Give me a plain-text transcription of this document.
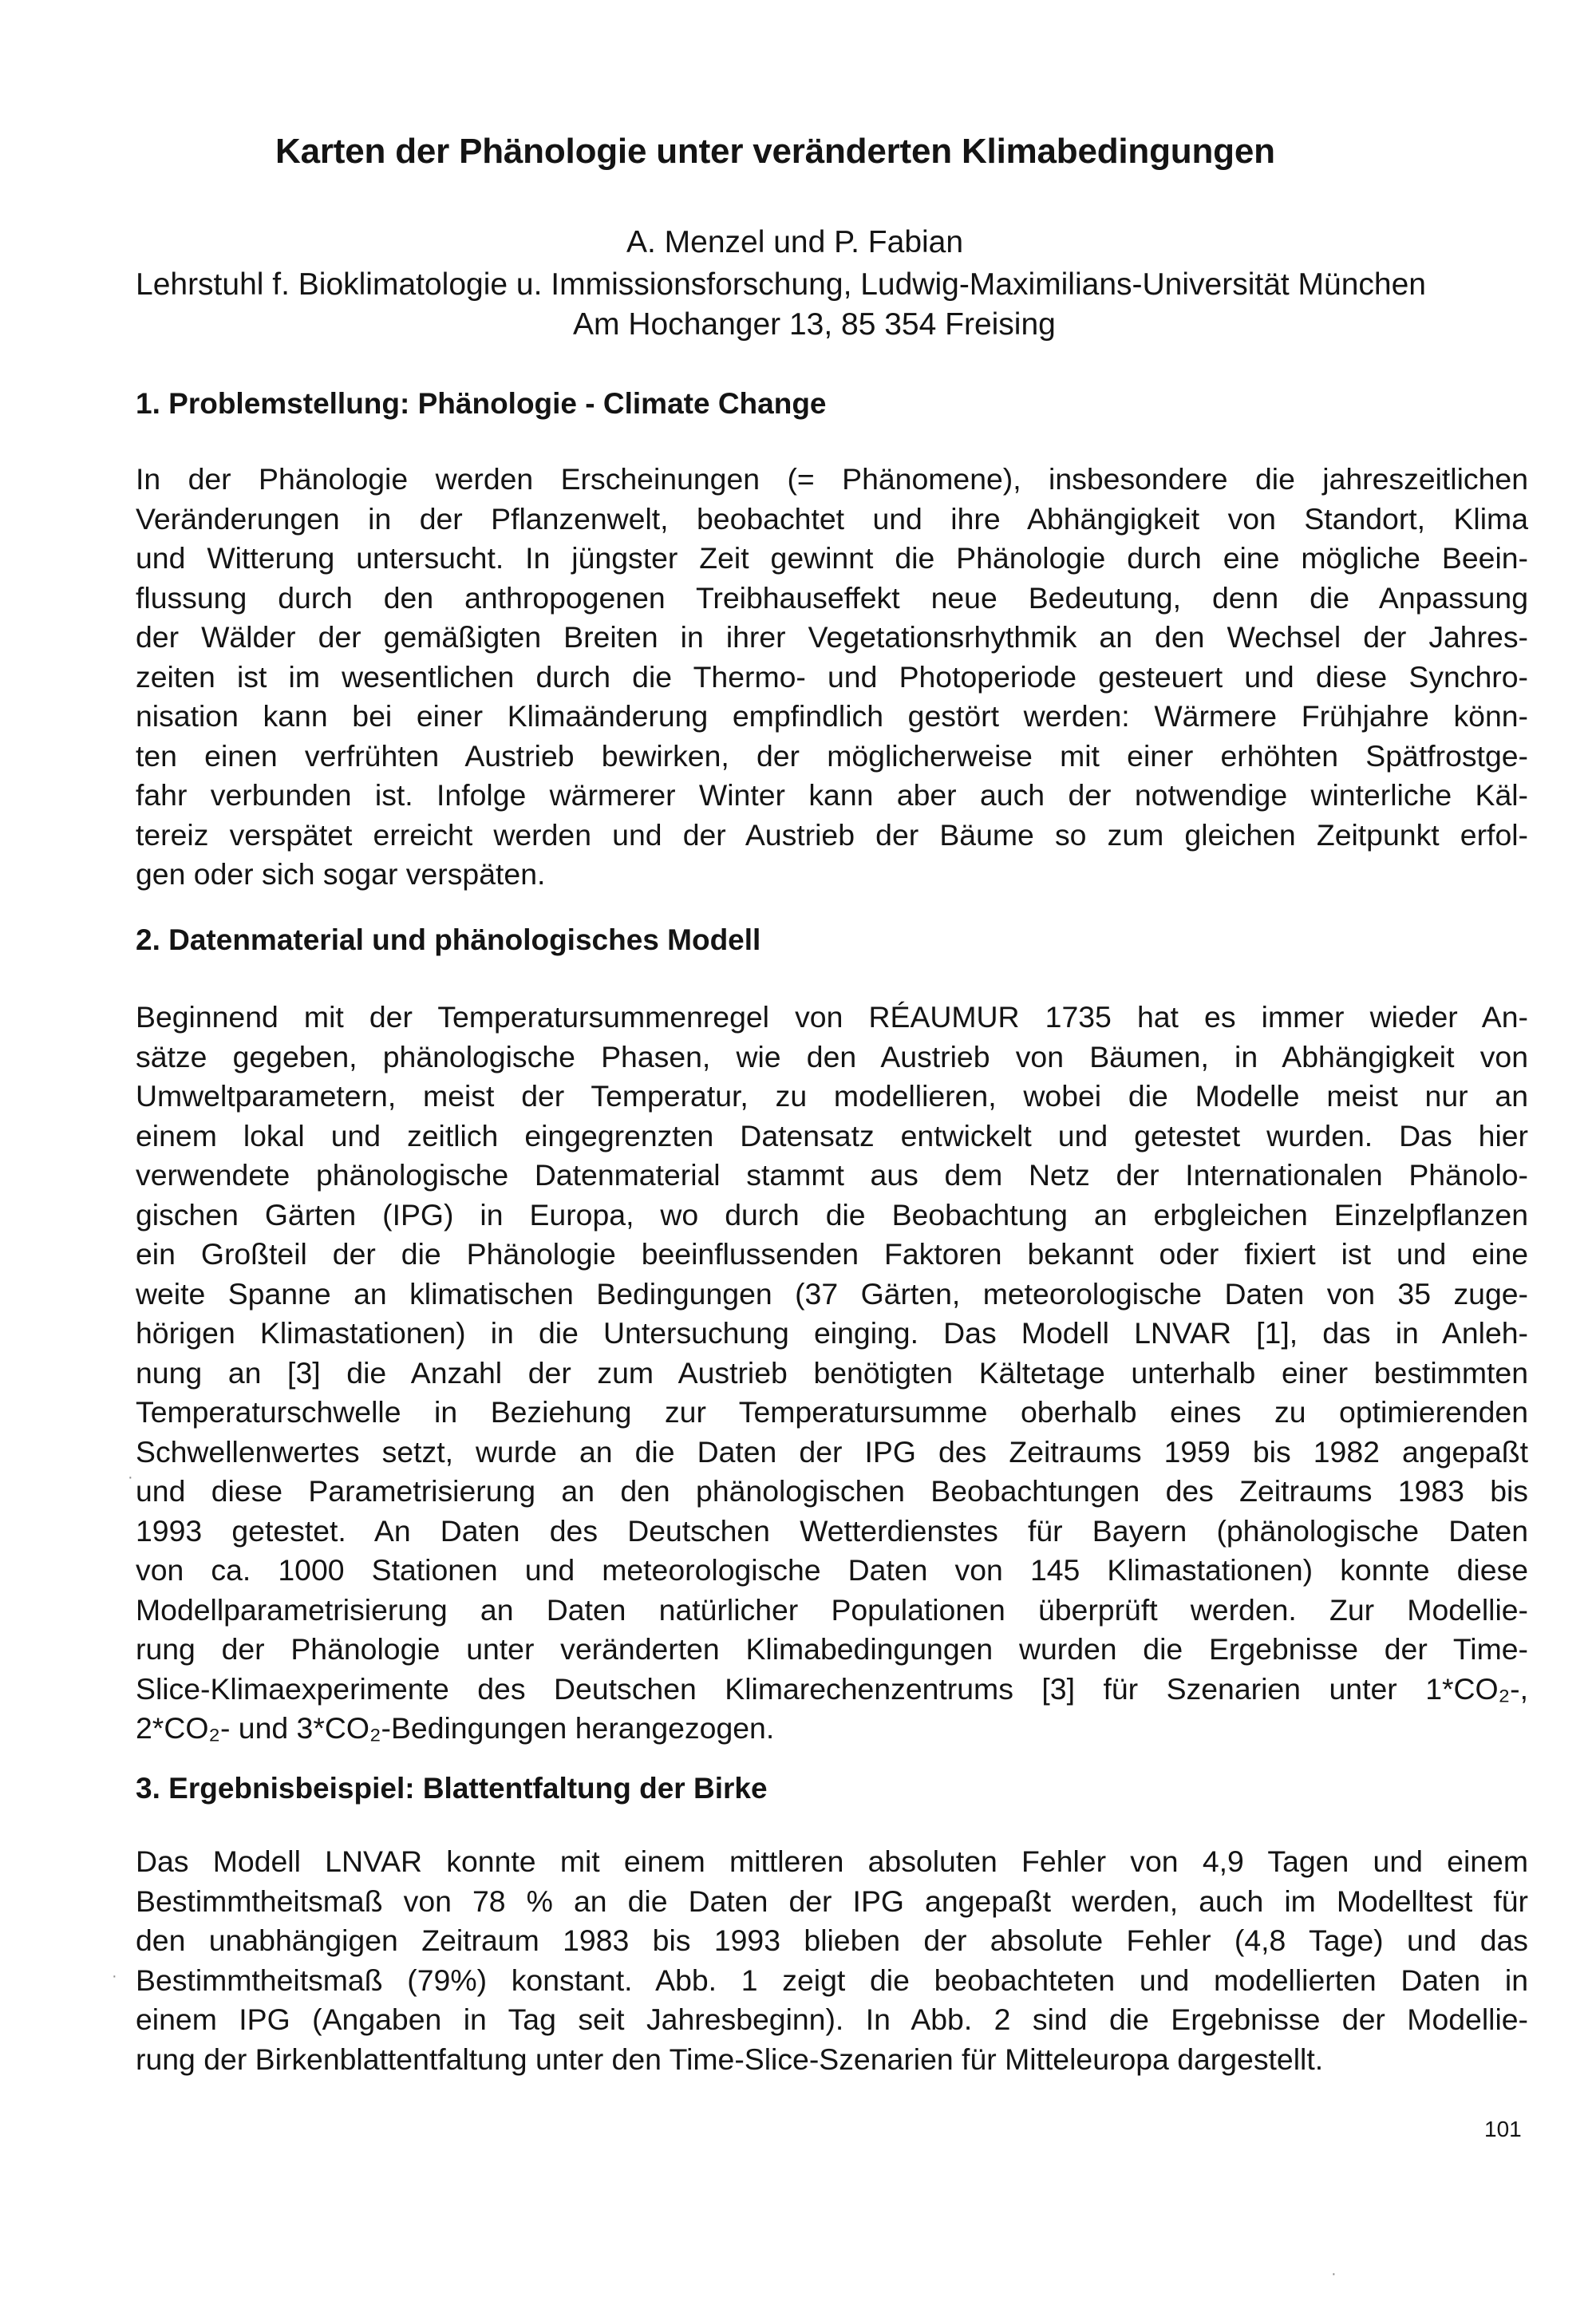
Karten der Phänologie unter veränderten Klimabedingungen
A. Menzel und P. Fabian
Lehrstuhl f. Bioklimatologie u. Immissionsforschung, Ludwig-Maximilians-Universität München
Am Hochanger 13, 85 354 Freising
1. Problemstellung: Phänologie - Climate Change
In der Phänologie werden Erscheinungen (= Phänomene), insbesondere die jahreszeitlichen
Veränderungen in der Pflanzenwelt, beobachtet und ihre Abhängigkeit von Standort, Klima
und Witterung untersucht. In jüngster Zeit gewinnt die Phänologie durch eine mögliche Beein-
flussung durch den anthropogenen Treibhauseffekt neue Bedeutung, denn die Anpassung
der Wälder der gemäßigten Breiten in ihrer Vegetationsrhythmik an den Wechsel der Jahres-
zeiten ist im wesentlichen durch die Thermo- und Photoperiode gesteuert und diese Synchro-
nisation kann bei einer Klimaänderung empfindlich gestört werden: Wärmere Frühjahre könn-
ten einen verfrühten Austrieb bewirken, der möglicherweise mit einer erhöhten Spätfrostge-
fahr verbunden ist. Infolge wärmerer Winter kann aber auch der notwendige winterliche Käl-
tereiz verspätet erreicht werden und der Austrieb der Bäume so zum gleichen Zeitpunkt erfol-
gen oder sich sogar verspäten.
2. Datenmaterial und phänologisches Modell
Beginnend mit der Temperatursummenregel von RÉAUMUR 1735 hat es immer wieder An-
sätze gegeben, phänologische Phasen, wie den Austrieb von Bäumen, in Abhängigkeit von
Umweltparametern, meist der Temperatur, zu modellieren, wobei die Modelle meist nur an
einem lokal und zeitlich eingegrenzten Datensatz entwickelt und getestet wurden. Das hier
verwendete phänologische Datenmaterial stammt aus dem Netz der Internationalen Phänolo-
gischen Gärten (IPG) in Europa, wo durch die Beobachtung an erbgleichen Einzelpflanzen
ein Großteil der die Phänologie beeinflussenden Faktoren bekannt oder fixiert ist und eine
weite Spanne an klimatischen Bedingungen (37 Gärten, meteorologische Daten von 35 zuge-
hörigen Klimastationen) in die Untersuchung einging. Das Modell LNVAR [1], das in Anleh-
nung an [3] die Anzahl der zum Austrieb benötigten Kältetage unterhalb einer bestimmten
Temperaturschwelle in Beziehung zur Temperatursumme oberhalb eines zu optimierenden
Schwellenwertes setzt, wurde an die Daten der IPG des Zeitraums 1959 bis 1982 angepaßt
und diese Parametrisierung an den phänologischen Beobachtungen des Zeitraums 1983 bis
1993 getestet. An Daten des Deutschen Wetterdienstes für Bayern (phänologische Daten
von ca. 1000 Stationen und meteorologische Daten von 145 Klimastationen) konnte diese
Modellparametrisierung an Daten natürlicher Populationen überprüft werden. Zur Modellie-
rung der Phänologie unter veränderten Klimabedingungen wurden die Ergebnisse der Time-
Slice-Klimaexperimente des Deutschen Klimarechenzentrums [3] für Szenarien unter 1*CO₂-,
2*CO₂- und 3*CO₂-Bedingungen herangezogen.
3. Ergebnisbeispiel: Blattentfaltung der Birke
Das Modell LNVAR konnte mit einem mittleren absoluten Fehler von 4,9 Tagen und einem
Bestimmtheitsmaß von 78 % an die Daten der IPG angepaßt werden, auch im Modelltest für
den unabhängigen Zeitraum 1983 bis 1993 blieben der absolute Fehler (4,8 Tage) und das
Bestimmtheitsmaß (79%) konstant. Abb. 1 zeigt die beobachteten und modellierten Daten in
einem IPG (Angaben in Tag seit Jahresbeginn). In Abb. 2 sind die Ergebnisse der Modellie-
rung der Birkenblattentfaltung unter den Time-Slice-Szenarien für Mitteleuropa dargestellt.
101
·
·
·
